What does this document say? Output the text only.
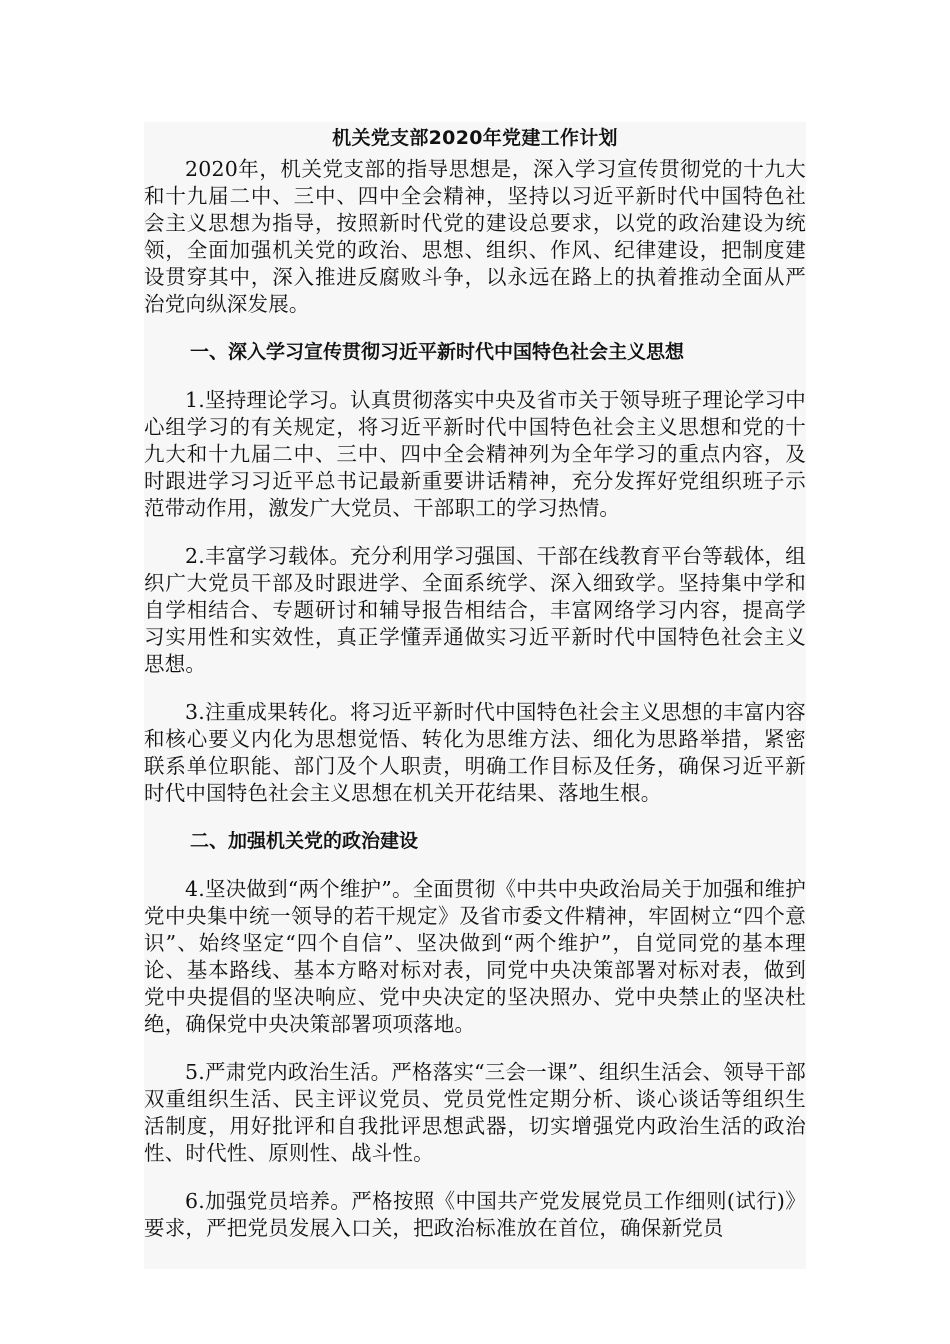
机关党支部2020年党建工作计划

2020年，机关党支部的指导思想是，深入学习宣传贯彻党的十九大和十九届二中、三中、四中全会精神，坚持以习近平新时代中国特色社会主义思想为指导，按照新时代党的建设总要求，以党的政治建设为统领，全面加强机关党的政治、思想、组织、作风、纪律建设，把制度建设贯穿其中，深入推进反腐败斗争，以永远在路上的执着推动全面从严治党向纵深发展。

一、深入学习宣传贯彻习近平新时代中国特色社会主义思想

1.坚持理论学习。认真贯彻落实中央及省市关于领导班子理论学习中心组学习的有关规定，将习近平新时代中国特色社会主义思想和党的十九大和十九届二中、三中、四中全会精神列为全年学习的重点内容，及时跟进学习习近平总书记最新重要讲话精神，充分发挥好党组织班子示范带动作用，激发广大党员、干部职工的学习热情。

2.丰富学习载体。充分利用学习强国、干部在线教育平台等载体，组织广大党员干部及时跟进学、全面系统学、深入细致学。坚持集中学和自学相结合、专题研讨和辅导报告相结合，丰富网络学习内容，提高学习实用性和实效性，真正学懂弄通做实习近平新时代中国特色社会主义思想。

3.注重成果转化。将习近平新时代中国特色社会主义思想的丰富内容和核心要义内化为思想觉悟、转化为思维方法、细化为思路举措，紧密联系单位职能、部门及个人职责，明确工作目标及任务，确保习近平新时代中国特色社会主义思想在机关开花结果、落地生根。

二、加强机关党的政治建设

4.坚决做到“两个维护”。全面贯彻《中共中央政治局关于加强和维护党中央集中统一领导的若干规定》及省市委文件精神，牢固树立“四个意识”、始终坚定“四个自信”、坚决做到“两个维护”，自觉同党的基本理论、基本路线、基本方略对标对表，同党中央决策部署对标对表，做到党中央提倡的坚决响应、党中央决定的坚决照办、党中央禁止的坚决杜绝，确保党中央决策部署项项落地。

5.严肃党内政治生活。严格落实“三会一课”、组织生活会、领导干部双重组织生活、民主评议党员、党员党性定期分析、谈心谈话等组织生活制度，用好批评和自我批评思想武器，切实增强党内政治生活的政治性、时代性、原则性、战斗性。

6.加强党员培养。严格按照《中国共产党发展党员工作细则(试行)》要求，严把党员发展入口关，把政治标准放在首位，确保新党员
